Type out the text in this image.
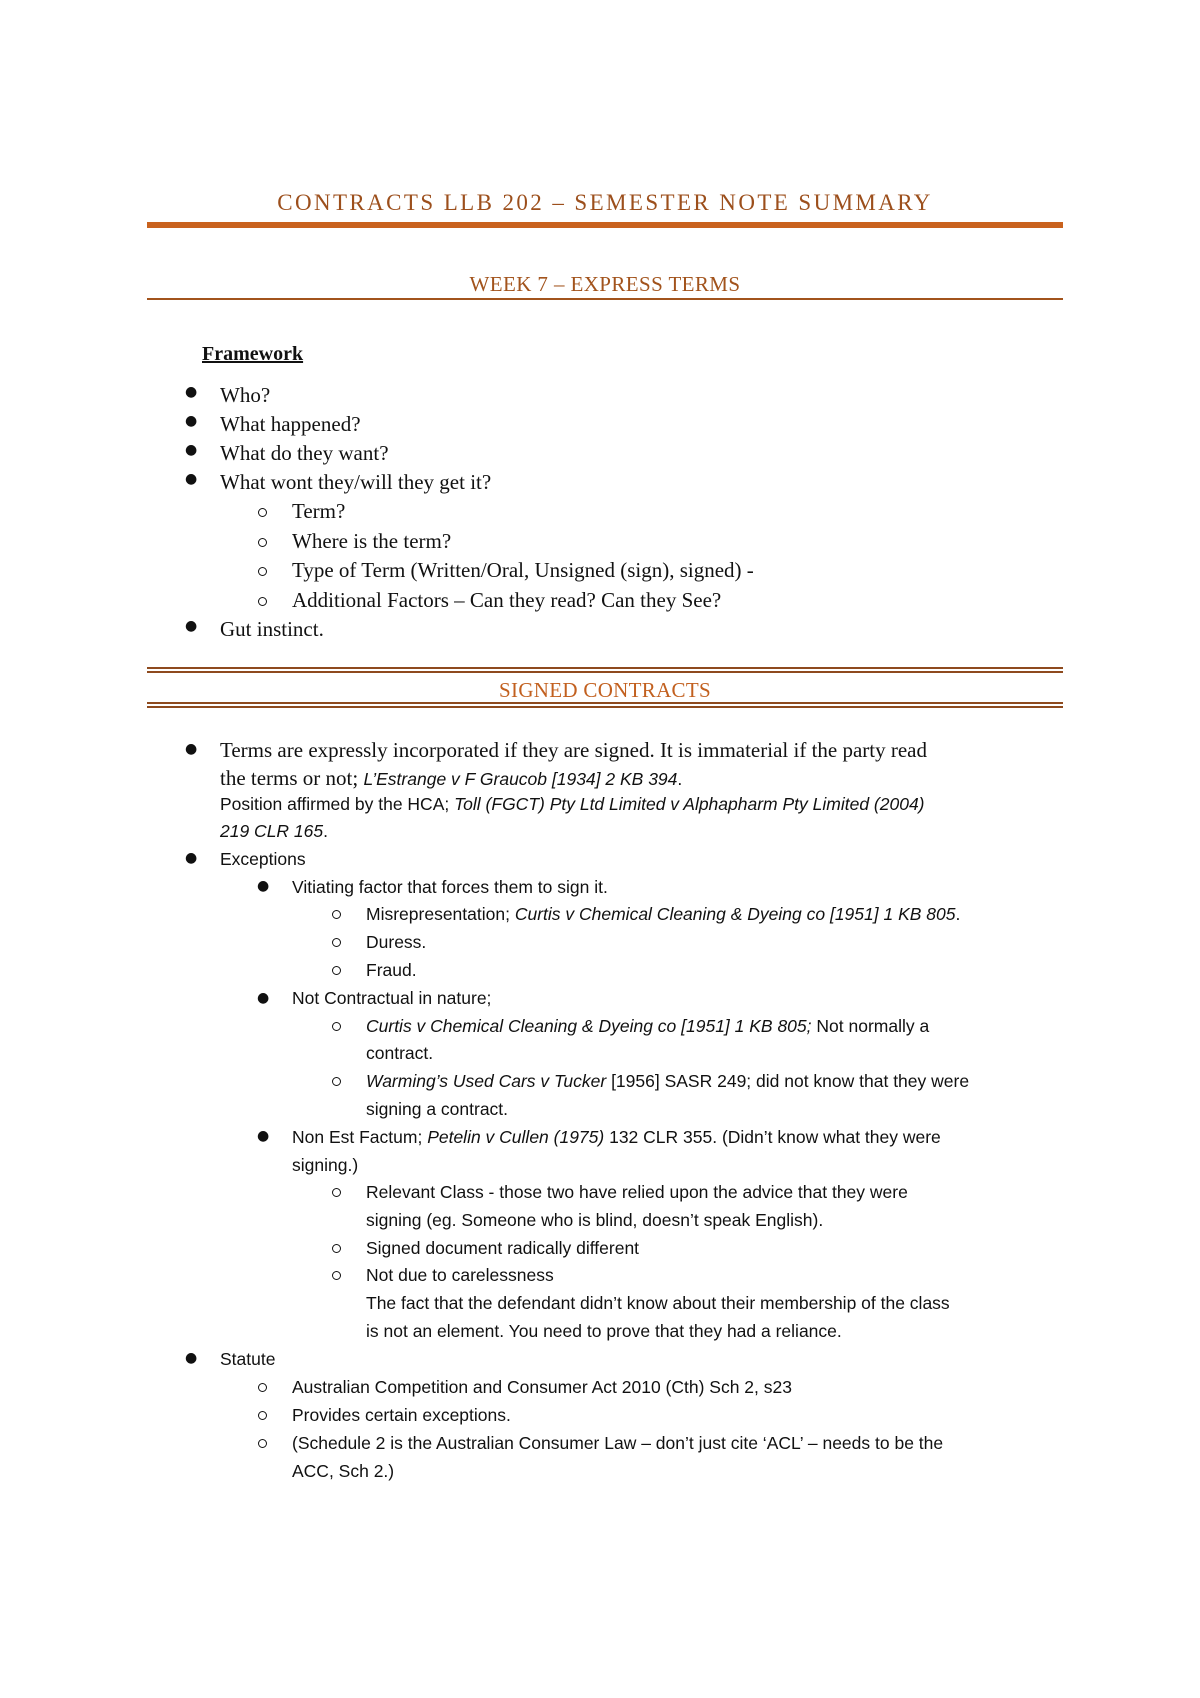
CONTRACTS LLB 202 – SEMESTER NOTE SUMMARY
WEEK 7 – EXPRESS TERMS
Framework
● Who?
● What happened?
● What do they want?
● What wont they/will they get it?
Term?
Where is the term?
Type of Term (Written/Oral, Unsigned (sign), signed) -
Additional Factors – Can they read? Can they See?
● Gut instinct.
SIGNED CONTRACTS
● Terms are expressly incorporated if they are signed. It is immaterial if the party read
the terms or not; L’Estrange v F Graucob [1934] 2 KB 394.
Position affirmed by the HCA; Toll (FGCT) Pty Ltd Limited v Alphapharm Pty Limited (2004)
219 CLR 165.
● Exceptions
● Vitiating factor that forces them to sign it.
Misrepresentation; Curtis v Chemical Cleaning & Dyeing co [1951] 1 KB 805.
Duress.
Fraud.
● Not Contractual in nature;
Curtis v Chemical Cleaning & Dyeing co [1951] 1 KB 805; Not normally a
contract.
Warming’s Used Cars v Tucker [1956] SASR 249; did not know that they were
signing a contract.
● Non Est Factum; Petelin v Cullen (1975) 132 CLR 355. (Didn’t know what they were
signing.)
Relevant Class - those two have relied upon the advice that they were
signing (eg. Someone who is blind, doesn’t speak English).
Signed document radically different
Not due to carelessness
The fact that the defendant didn’t know about their membership of the class
is not an element. You need to prove that they had a reliance.
● Statute
Australian Competition and Consumer Act 2010 (Cth) Sch 2, s23
Provides certain exceptions.
(Schedule 2 is the Australian Consumer Law – don’t just cite ‘ACL’ – needs to be the
ACC, Sch 2.)
